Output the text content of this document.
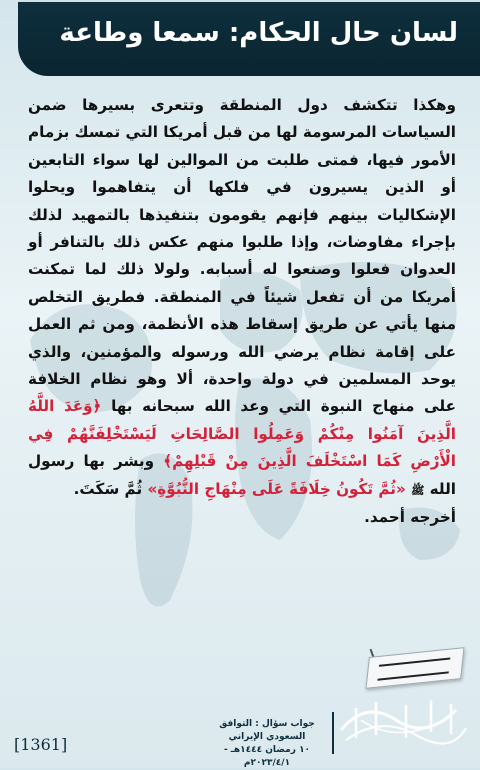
لسان حال الحكام: سمعا وطاعة
وهكذا تتكشف دول المنطقة وتتعرى بسيرها ضمن السياسات المرسومة لها من قبل أمريكا التي تمسك بزمام الأمور فيها، فمتى طلبت من الموالين لها سواء التابعين أو الذين يسيرون في فلكها أن يتفاهموا ويحلوا الإشكاليات بينهم فإنهم يقومون بتنفيذها بالتمهيد لذلك بإجراء مفاوضات، وإذا طلبوا منهم عكس ذلك بالتنافر أو العدوان فعلوا وصنعوا له أسبابه. ولولا ذلك لما تمكنت أمريكا من أن تفعل شيئاً في المنطقة. فطريق التخلص منها يأتي عن طريق إسقاط هذه الأنظمة، ومن ثم العمل على إقامة نظام يرضي الله ورسوله والمؤمنين، والذي يوحد المسلمين في دولة واحدة، ألا وهو نظام الخلافة على منهاج النبوة التي وعد الله سبحانه بها ﴿وَعَدَ اللَّهُ الَّذِينَ آمَنُوا مِنْكُمْ وَعَمِلُوا الصَّالِحَاتِ لَيَسْتَخْلِفَنَّهُمْ فِي الْأَرْضِ كَمَا اسْتَخْلَفَ الَّذِينَ مِنْ قَبْلِهِمْ﴾ وبشر بها رسول الله ﷺ «ثُمَّ تَكُونُ خِلَافَةً عَلَى مِنْهَاجِ النُّبُوَّةِ» ثُمَّ سَكَتَ.
أخرجه أحمد.
جواب سؤال : التوافق السعودي الإيراني
١٠ رمضان ١٤٤٤هـ - ٢٠٢٣/٤/١م
[1361]
